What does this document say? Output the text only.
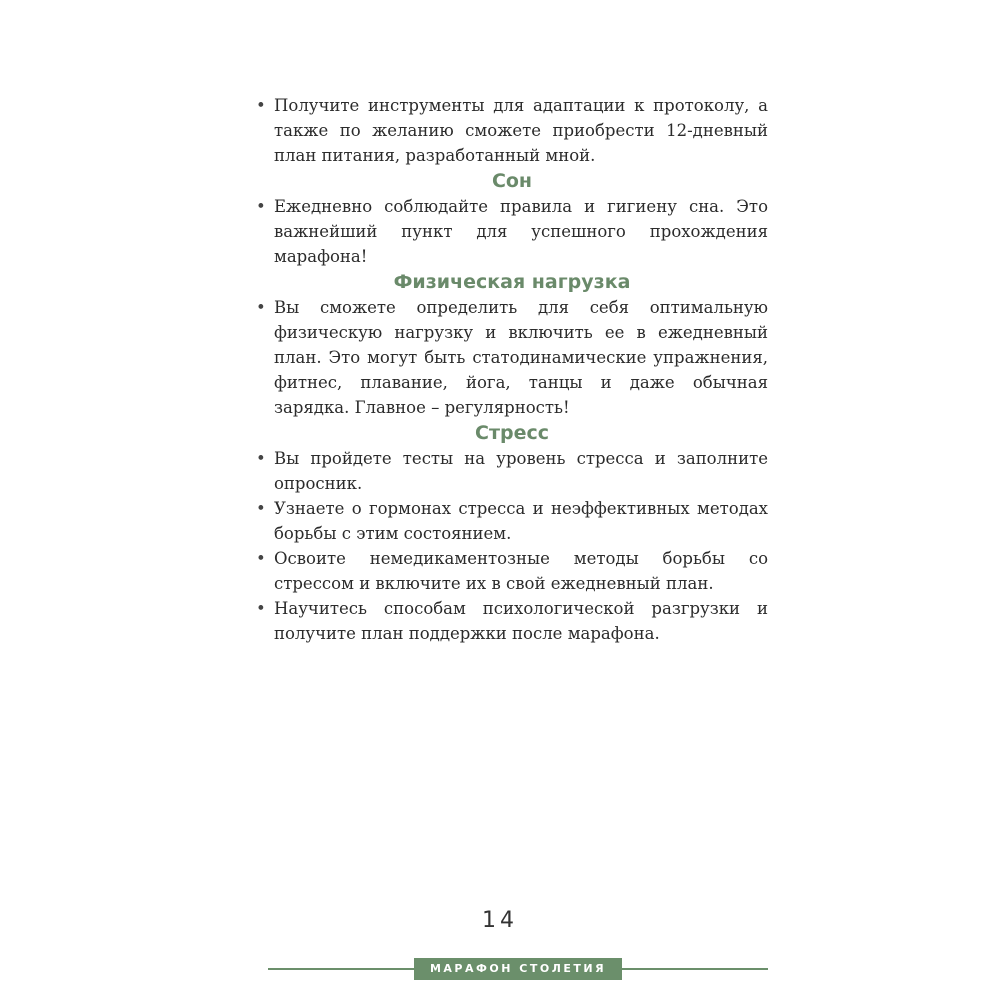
• Получите инструменты для адаптации к протоколу, а также по желанию сможете приобрести 12-дневный план питания, разработанный мной.
Сон
• Ежедневно соблюдайте правила и гигиену сна. Это важнейший пункт для успешного прохождения марафона!
Физическая нагрузка
• Вы сможете определить для себя оптимальную физическую нагрузку и включить ее в ежедневный план. Это могут быть статодинамические упражнения, фитнес, плавание, йога, танцы и даже обычная зарядка. Главное – регулярность!
Стресс
• Вы пройдете тесты на уровень стресса и заполните опросник.
• Узнаете о гормонах стресса и неэффективных методах борьбы с этим состоянием.
• Освоите немедикаментозные методы борьбы со стрессом и включите их в свой ежедневный план.
• Научитесь способам психологической разгрузки и получите план поддержки после марафона.
14
МАРАФОН СТОЛЕТИЯ
